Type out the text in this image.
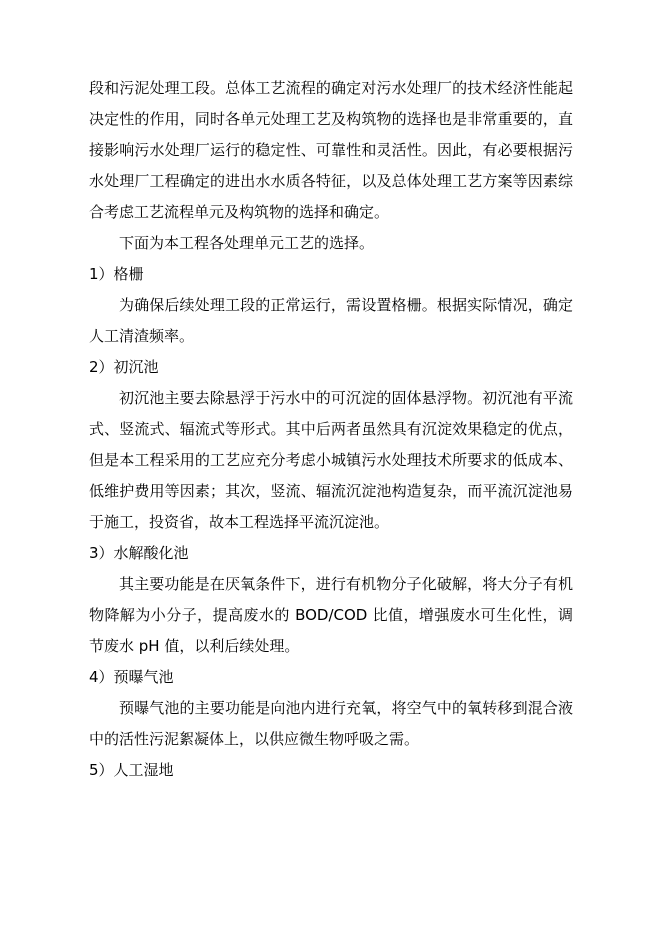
段和污泥处理工段。总体工艺流程的确定对污水处理厂的技术经济性能起决定性的作用，同时各单元处理工艺及构筑物的选择也是非常重要的，直接影响污水处理厂运行的稳定性、可靠性和灵活性。因此，有必要根据污水处理厂工程确定的进出水水质各特征，以及总体处理工艺方案等因素综合考虑工艺流程单元及构筑物的选择和确定。

下面为本工程各处理单元工艺的选择。

1）格栅

为确保后续处理工段的正常运行，需设置格栅。根据实际情况，确定人工清渣频率。

2）初沉池

初沉池主要去除悬浮于污水中的可沉淀的固体悬浮物。初沉池有平流式、竖流式、辐流式等形式。其中后两者虽然具有沉淀效果稳定的优点，但是本工程采用的工艺应充分考虑小城镇污水处理技术所要求的低成本、低维护费用等因素；其次，竖流、辐流沉淀池构造复杂，而平流沉淀池易于施工，投资省，故本工程选择平流沉淀池。

3）水解酸化池

其主要功能是在厌氧条件下，进行有机物分子化破解，将大分子有机物降解为小分子，提高废水的 BOD/COD 比值，增强废水可生化性，调节废水 pH 值，以利后续处理。

4）预曝气池

预曝气池的主要功能是向池内进行充氧，将空气中的氧转移到混合液中的活性污泥絮凝体上，以供应微生物呼吸之需。

5）人工湿地
